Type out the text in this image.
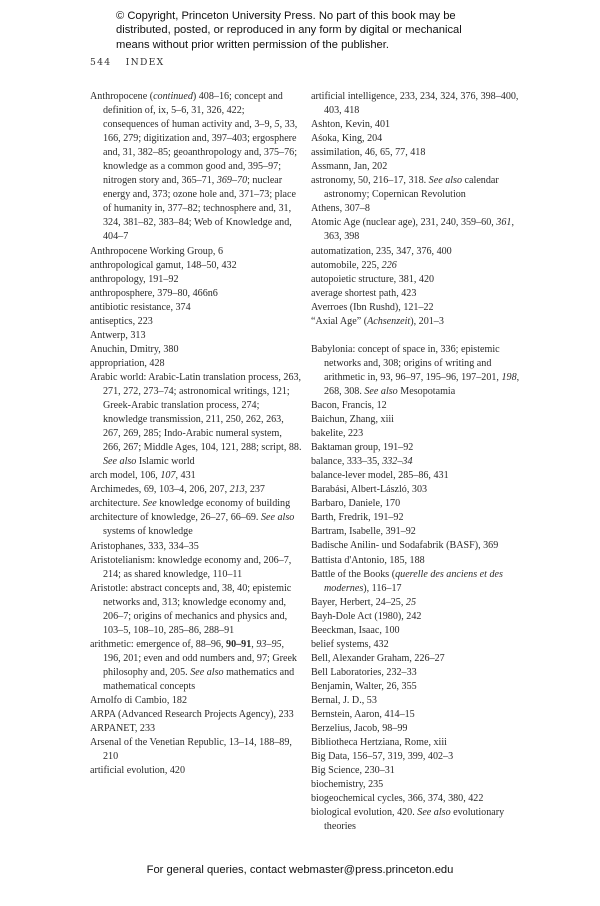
© Copyright, Princeton University Press. No part of this book may be
distributed, posted, or reproduced in any form by digital or mechanical
means without prior written permission of the publisher.
544 INDEX
Anthropocene (continued) 408–16; concept and definition of, ix, 5–6, 31, 326, 422; consequences of human activity and, 3–9, 5, 33, 166, 279; digitization and, 397–403; ergosphere and, 31, 382–85; geoanthropology and, 375–76; knowledge as a common good and, 395–97; nitrogen story and, 365–71, 369–70; nuclear energy and, 373; ozone hole and, 371–73; place of humanity in, 377–82; technosphere and, 31, 324, 381–82, 383–84; Web of Knowledge and, 404–7
Anthropocene Working Group, 6
anthropological gamut, 148–50, 432
anthropology, 191–92
anthroposphere, 379–80, 466n6
antibiotic resistance, 374
antiseptics, 223
Antwerp, 313
Anuchin, Dmitry, 380
appropriation, 428
Arabic world: Arabic-Latin translation process, 263, 271, 272, 273–74; astronomical writings, 121; Greek-Arabic translation process, 274; knowledge transmission, 211, 250, 262, 263, 267, 269, 285; Indo-Arabic numeral system, 266, 267; Middle Ages, 104, 121, 288; script, 88. See also Islamic world
arch model, 106, 107, 431
Archimedes, 69, 103–4, 206, 207, 213, 237
architecture. See knowledge economy of building
architecture of knowledge, 26–27, 66–69. See also systems of knowledge
Aristophanes, 333, 334–35
Aristotelianism: knowledge economy and, 206–7, 214; as shared knowledge, 110–11
Aristotle: abstract concepts and, 38, 40; epistemic networks and, 313; knowledge economy and, 206–7; origins of mechanics and physics and, 103–5, 108–10, 285–86, 288–91
arithmetic: emergence of, 88–96, 90–91, 93–95, 196, 201; even and odd numbers and, 97; Greek philosophy and, 205. See also mathematics and mathematical concepts
Arnolfo di Cambio, 182
ARPA (Advanced Research Projects Agency), 233
ARPANET, 233
Arsenal of the Venetian Republic, 13–14, 188–89, 210
artificial evolution, 420
artificial intelligence, 233, 234, 324, 376, 398–400, 403, 418
Ashton, Kevin, 401
Aśoka, King, 204
assimilation, 46, 65, 77, 418
Assmann, Jan, 202
astronomy, 50, 216–17, 318. See also calendar astronomy; Copernican Revolution
Athens, 307–8
Atomic Age (nuclear age), 231, 240, 359–60, 361, 363, 398
automatization, 235, 347, 376, 400
automobile, 225, 226
autopoietic structure, 381, 420
average shortest path, 423
Averroes (Ibn Rushd), 121–22
“Axial Age” (Achsenzeit), 201–3
Babylonia: concept of space in, 336; epistemic networks and, 308; origins of writing and arithmetic in, 93, 96–97, 195–96, 197–201, 198, 268, 308. See also Mesopotamia
Bacon, Francis, 12
Baichun, Zhang, xiii
bakelite, 223
Baktaman group, 191–92
balance, 333–35, 332–34
balance-lever model, 285–86, 431
Barabási, Albert-László, 303
Barbaro, Daniele, 170
Barth, Fredrik, 191–92
Bartram, Isabelle, 391–92
Badische Anilin- und Sodafabrik (BASF), 369
Battista d'Antonio, 185, 188
Battle of the Books (querelle des anciens et des modernes), 116–17
Bayer, Herbert, 24–25, 25
Bayh-Dole Act (1980), 242
Beeckman, Isaac, 100
belief systems, 432
Bell, Alexander Graham, 226–27
Bell Laboratories, 232–33
Benjamin, Walter, 26, 355
Bernal, J. D., 53
Bernstein, Aaron, 414–15
Berzelius, Jacob, 98–99
Bibliotheca Hertziana, Rome, xiii
Big Data, 156–57, 319, 399, 402–3
Big Science, 230–31
biochemistry, 235
biogeochemical cycles, 366, 374, 380, 422
biological evolution, 420. See also evolutionary theories
For general queries, contact webmaster@press.princeton.edu
